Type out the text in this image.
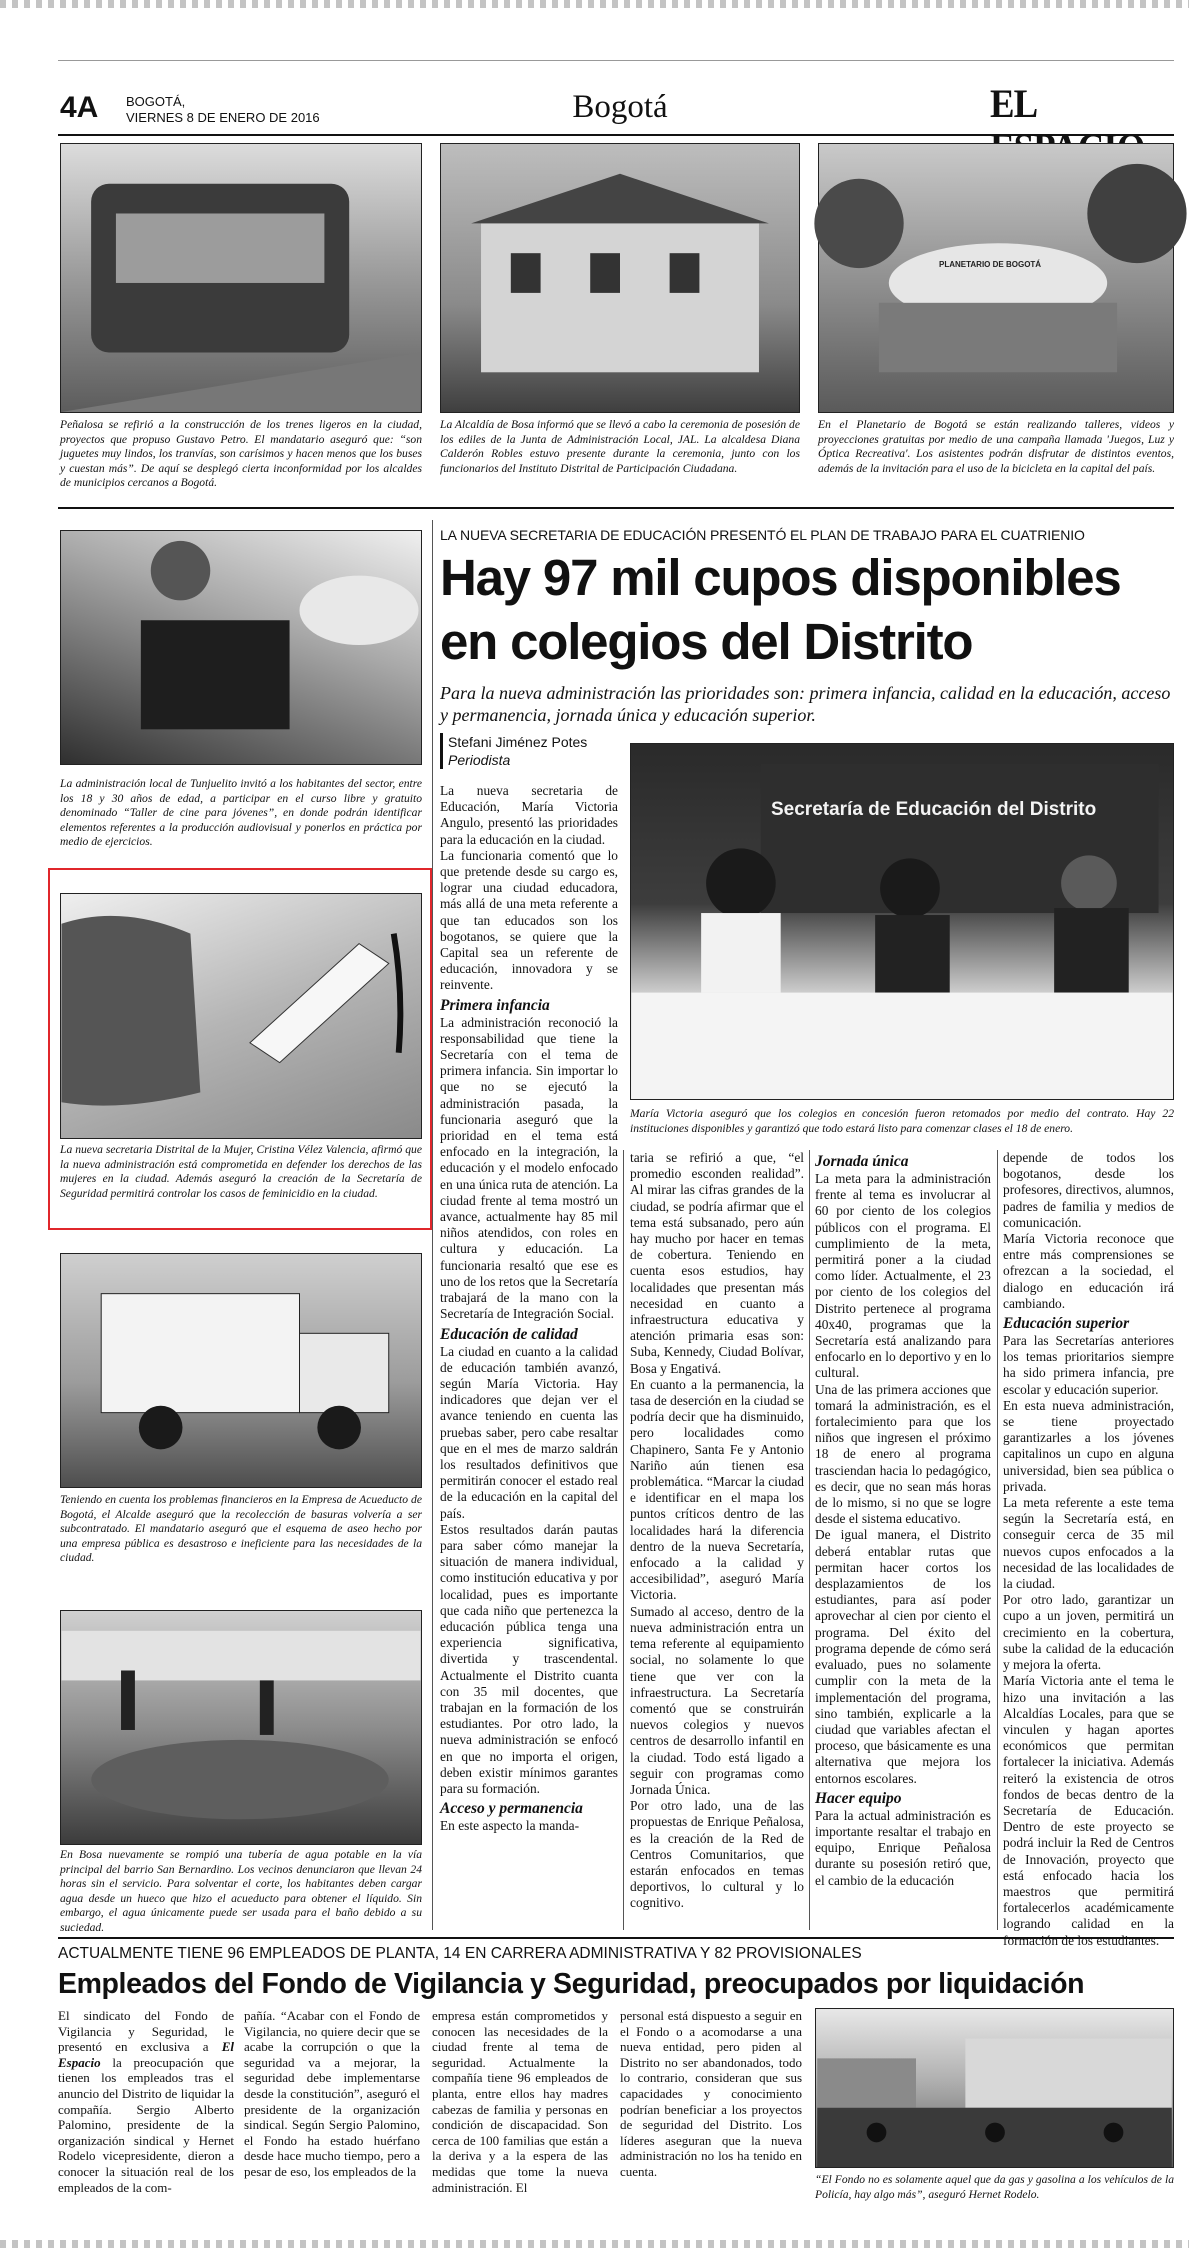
4A BOGOTÁ,
VIERNES 8 DE ENERO DE 2016	Bogotá	EL
Peñalosa se refirió a la construcción de los trenes ligeros en la ciudad, proyectos que propuso Gustavo Petro. El mandatario aseguró que: “son juguetes muy lindos, los tranvías, son carísimos y hacen menos que los buses y cuestan más”. De aquí se desplegó cierta inconformidad por los alcaldes de municipios cercanos a Bogotá.
La Alcaldía de Bosa informó que se llevó a cabo la ceremonia de posesión de los ediles de la Junta de Administración Local, JAL. La alcaldesa Diana Calderón Robles estuvo presente durante la ceremonia, junto con los funcionarios del Instituto Distrital de Participación Ciudadana.
PLANETARIO DE BOGOTÁ
En el Planetario de Bogotá se están realizando talleres, videos y proyecciones gratuitas por medio de una campaña llamada 'Juegos, Luz y Óptica Recreativa'. Los asistentes podrán disfrutar de distintos eventos, además de la invitación para el uso de la bicicleta en la capital del país.
La administración local de Tunjuelito invitó a los habitantes del sector, entre los 18 y 30 años de edad, a participar en el curso libre y gratuito denominado “Taller de cine para jóvenes”, en donde podrán identificar elementos referentes a la producción audiovisual y ponerlos en práctica por medio de ejercicios.
La nueva secretaria Distrital de la Mujer, Cristina Vélez Valencia, afirmó que la nueva administración está comprometida en defender los derechos de las mujeres en la ciudad. Además aseguró la creación de la Secretaría de Seguridad permitirá controlar los casos de feminicidio en la ciudad.
Teniendo en cuenta los problemas financieros en la Empresa de Acueducto de Bogotá, el Alcalde aseguró que la recolección de basuras volvería a ser subcontratado. El mandatario aseguró que el esquema de aseo hecho por una empresa pública es desastroso e ineficiente para las necesidades de la ciudad.
En Bosa nuevamente se rompió una tubería de agua potable en la vía principal del barrio San Bernardino. Los vecinos denunciaron que llevan 24 horas sin el servicio. Para solventar el corte, los habitantes deben cargar agua desde un hueco que hizo el acueducto para obtener el líquido. Sin embargo, el agua únicamente puede ser usada para el baño debido a su suciedad.
LA NUEVA SECRETARIA DE EDUCACIÓN PRESENTÓ EL PLAN DE TRABAJO PARA EL CUATRIENIO
Hay 97 mil cupos disponibles
en colegios del Distrito
Para la nueva administración las prioridades son: primera infancia, calidad en la educación, acceso y permanencia, jornada única y educación superior.
Stefani Jiménez Potes
Periodista
Secretaría de Educación del Distrito
María Victoria aseguró que los colegios en concesión fueron retomados por medio del contrato. Hay 22 instituciones disponibles y garantizó que todo estará listo para comenzar clases el 18 de enero.

La nueva secretaria de Educación, María Victoria Angulo, presentó las prioridades para la educación en la ciudad.

La funcionaria comentó que lo que pretende desde su cargo es, lograr una ciudad educadora, más allá de una meta referente a que tan educados son los bogotanos, se quiere que la Capital sea un referente de educación, innovadora y se reinvente.

Primera infancia

La administración reconoció la responsabilidad que tiene la Secretaría con el tema de primera infancia. Sin importar lo que no se ejecutó la administración pasada, la funcionaria aseguró que la prioridad en el tema está enfocado en la integración, la educación y el modelo enfocado en una única ruta de atención. La ciudad frente al tema mostró un avance, actualmente hay 85 mil niños atendidos, con roles en cultura y educación. La funcionaria resaltó que ese es uno de los retos que la Secretaría trabajará de la mano con la Secretaría de Integración Social.

Educación de calidad

La ciudad en cuanto a la calidad de educación también avanzó, según María Victoria. Hay indicadores que dejan ver el avance teniendo en cuenta las pruebas saber, pero cabe resaltar que en el mes de marzo saldrán los resultados definitivos que permitirán conocer el estado real de la educación en la capital del país.

Estos resultados darán pautas para saber cómo manejar la situación de manera individual, como institución educativa y por localidad, pues es importante que cada niño que pertenezca la educación pública tenga una experiencia significativa, divertida y trascendental. Actualmente el Distrito cuanta con 35 mil docentes, que trabajan en la formación de los estudiantes. Por otro lado, la nueva administración se enfocó en que no importa el origen, deben existir mínimos garantes para su formación.

Acceso y permanencia

En este aspecto la manda-

taria se refirió a que, “el promedio esconden realidad”. Al mirar las cifras grandes de la ciudad, se podría afirmar que el tema está subsanado, pero aún hay mucho por hacer en temas de cobertura. Teniendo en cuenta esos estudios, hay localidades que presentan más necesidad en cuanto a infraestructura educativa y atención primaria esas son: Suba, Kennedy, Ciudad Bolívar, Bosa y Engativá.

En cuanto a la permanencia, la tasa de deserción en la ciudad se podría decir que ha disminuido, pero localidades como Chapinero, Santa Fe y Antonio Nariño aún tienen esa problemática. “Marcar la ciudad e identificar en el mapa los puntos críticos dentro de las localidades hará la diferencia dentro de la nueva Secretaría, enfocado a la calidad y accesibilidad”, aseguró María Victoria.

Sumado al acceso, dentro de la nueva administración entra un tema referente al equipamiento social, no solamente lo que tiene que ver con la infraestructura. La Secretaría comentó que se construirán nuevos colegios y nuevos centros de desarrollo infantil en la ciudad. Todo está ligado a seguir con programas como Jornada Única.

Por otro lado, una de las propuestas de Enrique Peñalosa, es la creación de la Red de Centros Comunitarios, que estarán enfocados en temas deportivos, lo cultural y lo cognitivo.

Jornada única

La meta para la administración frente al tema es involucrar al 60 por ciento de los colegios públicos con el programa. El cumplimiento de la meta, permitirá poner a la ciudad como líder. Actualmente, el 23 por ciento de los colegios del Distrito pertenece al programa 40x40, programas que la Secretaría está analizando para enfocarlo en lo deportivo y en lo cultural.

Una de las primera acciones que tomará la administración, es el fortalecimiento para que los niños que ingresen el próximo 18 de enero al programa trasciendan hacia lo pedagógico, es decir, que no sean más horas de lo mismo, si no que se logre desde el sistema educativo.

De igual manera, el Distrito deberá entablar rutas que permitan hacer cortos los desplazamientos de los estudiantes, para así poder aprovechar al cien por ciento el programa. Del éxito del programa depende de cómo será evaluado, pues no solamente cumplir con la meta de la implementación del programa, sino también, explicarle a la ciudad que variables afectan el proceso, que básicamente es una alternativa que mejora los entornos escolares.

Hacer equipo

Para la actual administración es importante resaltar el trabajo en equipo, Enrique Peñalosa durante su posesión retiró que, el cambio de la educación

depende de todos los bogotanos, desde los profesores, directivos, alumnos, padres de familia y medios de comunicación.

María Victoria reconoce que entre más comprensiones se ofrezcan a la sociedad, el dialogo en educación irá cambiando.

Educación superior

Para las Secretarías anteriores los temas prioritarios siempre ha sido primera infancia, pre escolar y educación superior.

En esta nueva administración, se tiene proyectado garantizarles a los jóvenes capitalinos un cupo en alguna universidad, bien sea pública o privada.

La meta referente a este tema según la Secretaría está, en conseguir cerca de 35 mil nuevos cupos enfocados a la necesidad de las localidades de la ciudad.

Por otro lado, garantizar un cupo a un joven, permitirá un crecimiento en la cobertura, sube la calidad de la educación y mejora la oferta.

María Victoria ante el tema le hizo una invitación a las Alcaldías Locales, para que se vinculen y hagan aportes económicos que permitan fortalecer la iniciativa. Además reiteró la existencia de otros fondos de becas dentro de la Secretaría de Educación. Dentro de este proyecto se podrá incluir la Red de Centros de Innovación, proyecto que está enfocado hacia los maestros que permitirá fortalecerlos académicamente logrando calidad en la formación de los estudiantes.

ACTUALMENTE TIENE 96 EMPLEADOS DE PLANTA, 14 EN CARRERA ADMINISTRATIVA Y 82 PROVISIONALES
Empleados del Fondo de Vigilancia y Seguridad, preocupados por liquidación

El sindicato del Fondo de Vigilancia y Seguridad, le presentó en exclusiva a El Espacio la preocupación que tienen los empleados tras el anuncio del Distrito de liquidar la compañía. Sergio Alberto Palomino, presidente de la organización sindical y Hernet Rodelo vicepresidente, dieron a conocer la situación real de los empleados de la com-

pañía. “Acabar con el Fondo de Vigilancia, no quiere decir que se acabe la corrupción o que la seguridad va a mejorar, la seguridad debe implementarse desde la constitución”, aseguró el presidente de la organización sindical. Según Sergio Palomino, el Fondo ha estado huérfano desde hace mucho tiempo, pero a pesar de eso, los empleados de la

empresa están comprometidos y conocen las necesidades de la ciudad frente al tema de seguridad. Actualmente la compañía tiene 96 empleados de planta, entre ellos hay madres cabezas de familia y personas en condición de discapacidad. Son cerca de 100 familias que están a la deriva y a la espera de las medidas que tome la nueva administración. El

personal está dispuesto a seguir en el Fondo o a acomodarse a una nueva entidad, pero piden al Distrito no ser abandonados, todo lo contrario, consideran que sus capacidades y conocimiento podrían beneficiar a los proyectos de seguridad del Distrito. Los líderes aseguran que la nueva administración no los ha tenido en cuenta.

“El Fondo no es solamente aquel que da gas y gasolina a los vehículos de la Policía, hay algo más”, aseguró Hernet Rodelo.
